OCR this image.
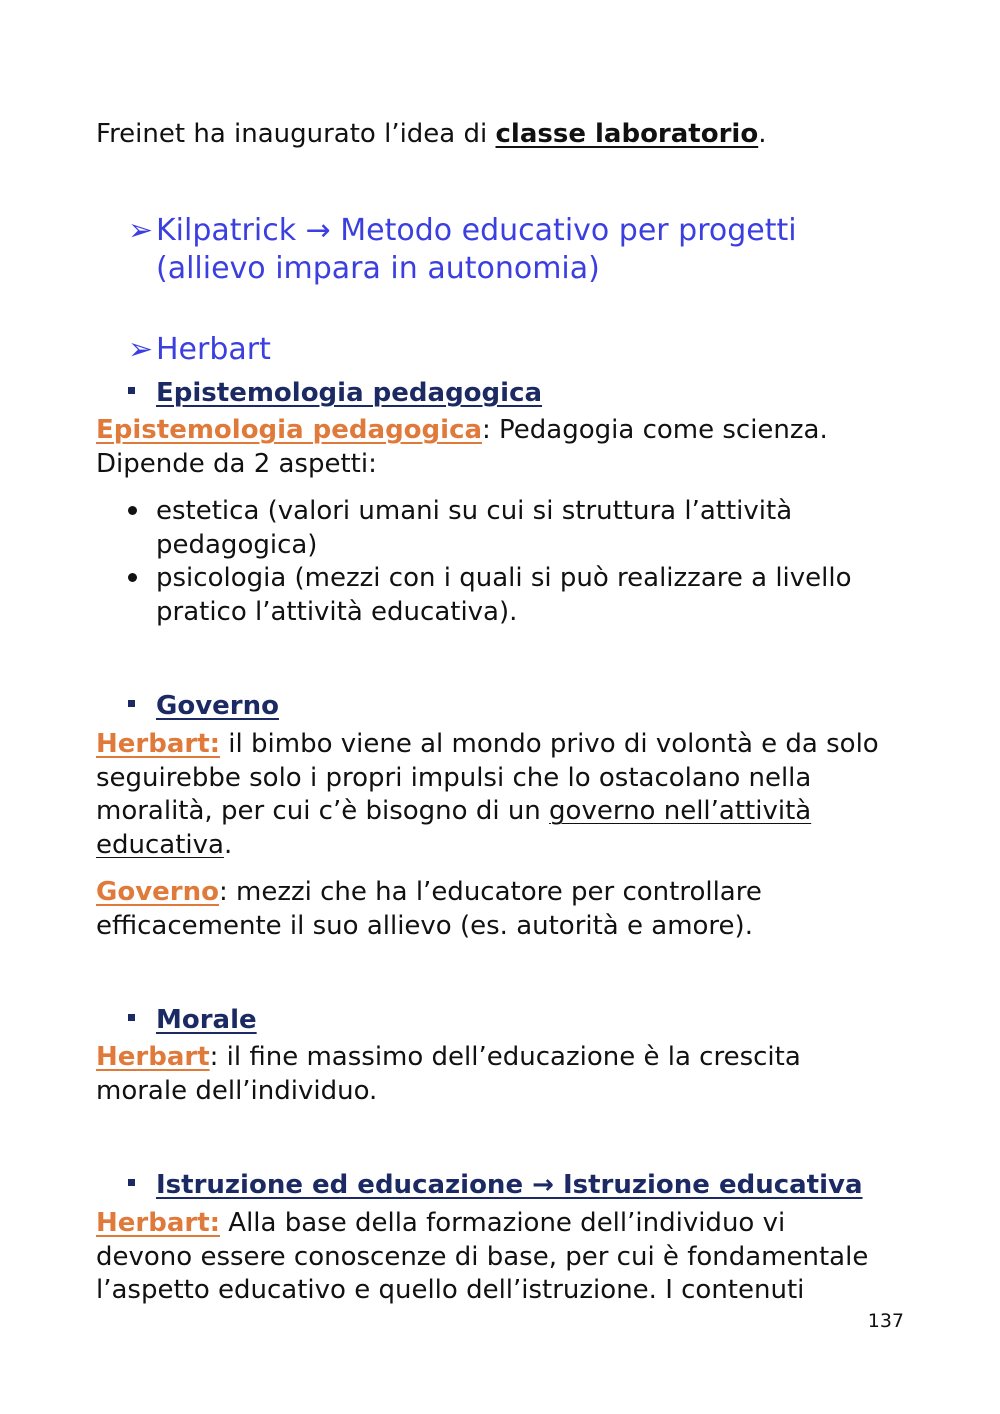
Freinet ha inaugurato l’idea di classe laboratorio.

➢Kilpatrick → Metodo educativo per progetti
(allievo impara in autonomia)
➢Herbart
Epistemologia pedagogica

Epistemologia pedagogica: Pedagogia come scienza.

Dipende da 2 aspetti:

estetica (valori umani su cui si struttura l’attività
pedagogica)
psicologia (mezzi con i quali si può realizzare a livello
pratico l’attività educativa).
Governo

Herbart: il bimbo viene al mondo privo di volontà e da solo

seguirebbe solo i propri impulsi che lo ostacolano nella

moralità, per cui c’è bisogno di un governo nell’attività

educativa.

Governo: mezzi che ha l’educatore per controllare

efficacemente il suo allievo (es. autorità e amore).

Morale

Herbart: il fine massimo dell’educazione è la crescita

morale dell’individuo.

Istruzione ed educazione → Istruzione educativa

Herbart: Alla base della formazione dell’individuo vi

devono essere conoscenze di base, per cui è fondamentale

l’aspetto educativo e quello dell’istruzione. I contenuti

137
